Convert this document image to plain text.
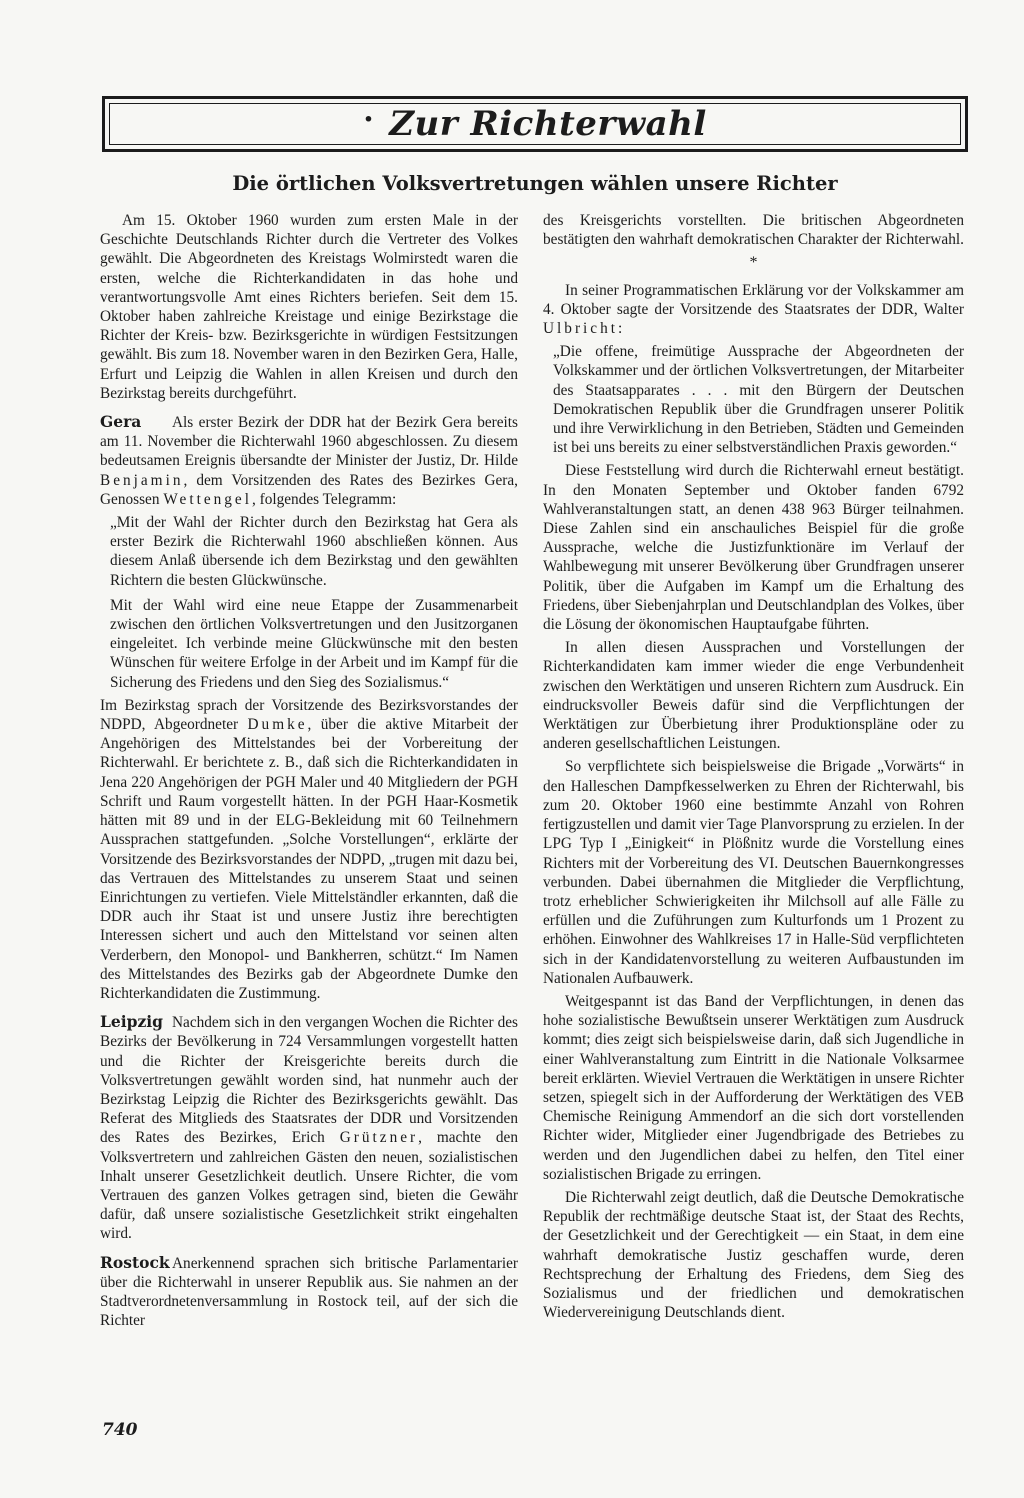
· Zur Richterwahl
Die örtlichen Volksvertretungen wählen unsere Richter

Am 15. Oktober 1960 wurden zum ersten Male in der Geschichte Deutschlands Richter durch die Vertreter des Volkes gewählt. Die Abgeordneten des Kreistags Wolmirstedt waren die ersten, welche die Richterkandidaten in das hohe und verantwortungsvolle Amt eines Richters beriefen. Seit dem 15. Oktober haben zahlreiche Kreistage und einige Bezirkstage die Richter der Kreis- bzw. Bezirksgerichte in würdigen Festsitzungen gewählt. Bis zum 18. November waren in den Bezirken Gera, Halle, Erfurt und Leipzig die Wahlen in allen Kreisen und durch den Bezirkstag bereits durchgeführt.

Gera	Als erster Bezirk der DDR hat der Bezirk Gera bereits am 11. November die Richterwahl 1960 abgeschlossen. Zu diesem bedeutsamen Ereignis übersandte der Minister der Justiz, Dr. Hilde Benjamin, dem Vorsitzenden des Rates des Bezirkes Gera, Genossen Wettengel, folgendes Telegramm:

„Mit der Wahl der Richter durch den Bezirkstag hat Gera als erster Bezirk die Richterwahl 1960 abschließen können. Aus diesem Anlaß übersende ich dem Bezirkstag und den gewählten Richtern die besten Glückwünsche.

Mit der Wahl wird eine neue Etappe der Zusammenarbeit zwischen den örtlichen Volksvertretungen und den Jusitzorganen eingeleitet. Ich verbinde meine Glückwünsche mit den besten Wünschen für weitere Erfolge in der Arbeit und im Kampf für die Sicherung des Friedens und den Sieg des Sozialismus.“

Im Bezirkstag sprach der Vorsitzende des Bezirksvorstandes der NDPD, Abgeordneter Dumke, über die aktive Mitarbeit der Angehörigen des Mittelstandes bei der Vorbereitung der Richterwahl. Er berichtete z. B., daß sich die Richterkandidaten in Jena 220 Angehörigen der PGH Maler und 40 Mitgliedern der PGH Schrift und Raum vorgestellt hätten. In der PGH Haar-Kosmetik hätten mit 89 und in der ELG-Bekleidung mit 60 Teilnehmern Aussprachen stattgefunden. „Solche Vorstellungen“, erklärte der Vorsitzende des Bezirksvorstandes der NDPD, „trugen mit dazu bei, das Vertrauen des Mittelstandes zu unserem Staat und seinen Einrichtungen zu vertiefen. Viele Mittelständler erkannten, daß die DDR auch ihr Staat ist und unsere Justiz ihre berechtigten Interessen sichert und auch den Mittelstand vor seinen alten Verderbern, den Monopol- und Bankherren, schützt.“ Im Namen des Mittelstandes des Bezirks gab der Abgeordnete Dumke den Richterkandidaten die Zustimmung.

Leipzig Nachdem sich in den vergangen Wochen die Richter des Bezirks der Bevölkerung in 724 Versammlungen vorgestellt hatten und die Richter der Kreisgerichte bereits durch die Volksvertretungen gewählt worden sind, hat nunmehr auch der Bezirkstag Leipzig die Richter des Bezirksgerichts gewählt. Das Referat des Mitglieds des Staatsrates der DDR und Vorsitzenden des Rates des Bezirkes, Erich Grützner, machte den Volksvertretern und zahlreichen Gästen den neuen, sozialistischen Inhalt unserer Gesetzlichkeit deutlich. Unsere Richter, die vom Vertrauen des ganzen Volkes getragen sind, bieten die Gewähr dafür, daß unsere sozialistische Gesetzlichkeit strikt eingehalten wird.

Rostock Anerkennend sprachen sich britische Parlamentarier über die Richterwahl in unserer Republik aus. Sie nahmen an der Stadtverordnetenversammlung in Rostock teil, auf der sich die Richter

des Kreisgerichts vorstellten. Die britischen Abgeordneten bestätigten den wahrhaft demokratischen Charakter der Richterwahl.

*

In seiner Programmatischen Erklärung vor der Volkskammer am 4. Oktober sagte der Vorsitzende des Staatsrates der DDR, Walter Ulbricht:

„Die offene, freimütige Aussprache der Abgeordneten der Volkskammer und der örtlichen Volksvertretungen, der Mitarbeiter des Staatsapparates . . . mit den Bürgern der Deutschen Demokratischen Republik über die Grundfragen unserer Politik und ihre Verwirklichung in den Betrieben, Städten und Gemeinden ist bei uns bereits zu einer selbstverständlichen Praxis geworden.“

Diese Feststellung wird durch die Richterwahl erneut bestätigt. In den Monaten September und Oktober fanden 6792 Wahlveranstaltungen statt, an denen 438 963 Bürger teilnahmen. Diese Zahlen sind ein anschauliches Beispiel für die große Aussprache, welche die Justizfunktionäre im Verlauf der Wahlbewegung mit unserer Bevölkerung über Grundfragen unserer Politik, über die Aufgaben im Kampf um die Erhaltung des Friedens, über Siebenjahrplan und Deutschlandplan des Volkes, über die Lösung der ökonomischen Hauptaufgabe führten.

In allen diesen Aussprachen und Vorstellungen der Richterkandidaten kam immer wieder die enge Verbundenheit zwischen den Werktätigen und unseren Richtern zum Ausdruck. Ein eindrucksvoller Beweis dafür sind die Verpflichtungen der Werktätigen zur Überbietung ihrer Produktionspläne oder zu anderen gesellschaftlichen Leistungen.

So verpflichtete sich beispielsweise die Brigade „Vorwärts“ in den Halleschen Dampfkesselwerken zu Ehren der Richterwahl, bis zum 20. Oktober 1960 eine bestimmte Anzahl von Rohren fertigzustellen und damit vier Tage Planvorsprung zu erzielen. In der LPG Typ I „Einigkeit“ in Plößnitz wurde die Vorstellung eines Richters mit der Vorbereitung des VI. Deutschen Bauernkongresses verbunden. Dabei übernahmen die Mitglieder die Verpflichtung, trotz erheblicher Schwierigkeiten ihr Milchsoll auf alle Fälle zu erfüllen und die Zuführungen zum Kulturfonds um 1 Prozent zu erhöhen. Einwohner des Wahlkreises 17 in Halle-Süd verpflichteten sich in der Kandidatenvorstellung zu weiteren Aufbaustunden im Nationalen Aufbauwerk.

Weitgespannt ist das Band der Verpflichtungen, in denen das hohe sozialistische Bewußtsein unserer Werktätigen zum Ausdruck kommt; dies zeigt sich beispielsweise darin, daß sich Jugendliche in einer Wahlveranstaltung zum Eintritt in die Nationale Volksarmee bereit erklärten. Wieviel Vertrauen die Werktätigen in unsere Richter setzen, spiegelt sich in der Aufforderung der Werktätigen des VEB Chemische Reinigung Ammendorf an die sich dort vorstellenden Richter wider, Mitglieder einer Jugendbrigade des Betriebes zu werden und den Jugendlichen dabei zu helfen, den Titel einer sozialistischen Brigade zu erringen.

Die Richterwahl zeigt deutlich, daß die Deutsche Demokratische Republik der rechtmäßige deutsche Staat ist, der Staat des Rechts, der Gesetzlichkeit und der Gerechtigkeit — ein Staat, in dem eine wahrhaft demokratische Justiz geschaffen wurde, deren Rechtsprechung der Erhaltung des Friedens, dem Sieg des Sozialismus und der friedlichen und demokratischen Wiedervereinigung Deutschlands dient.

740
